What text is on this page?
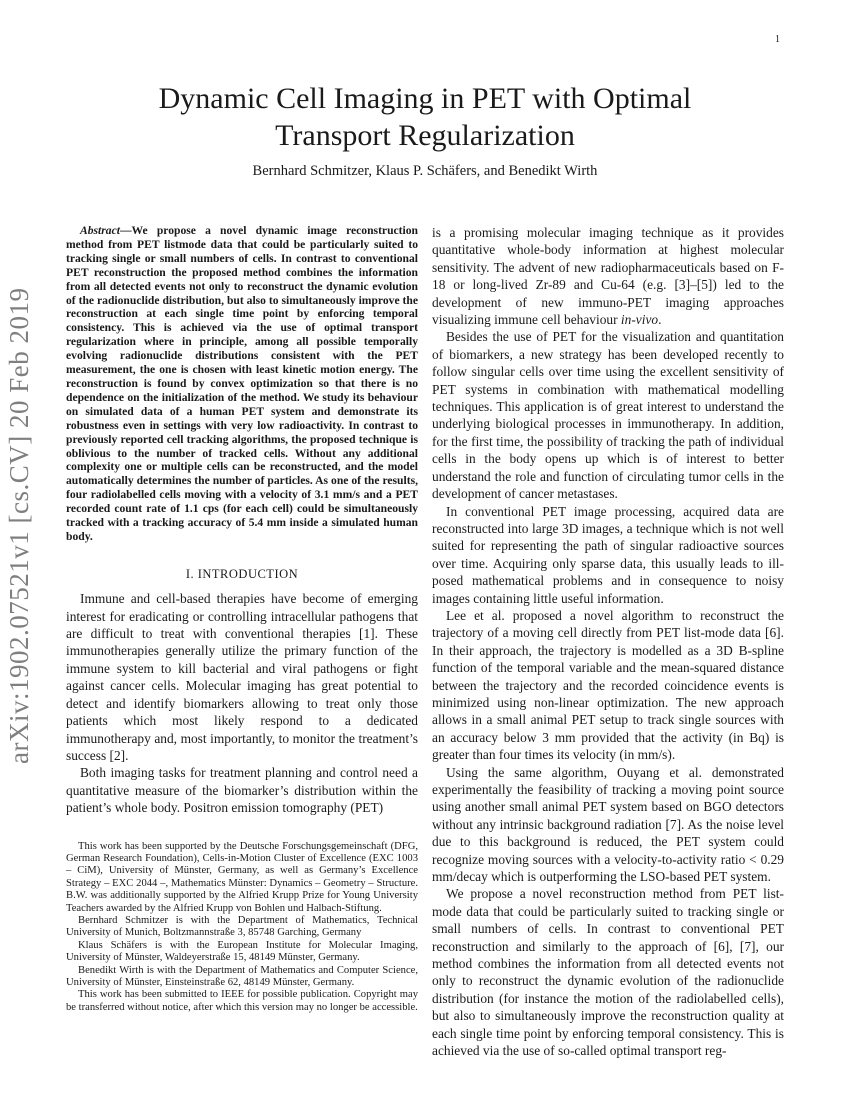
1
arXiv:1902.07521v1 [cs.CV] 20 Feb 2019
Dynamic Cell Imaging in PET with Optimal
Transport Regularization
Bernhard Schmitzer, Klaus P. Schäfers, and Benedikt Wirth

Abstract—We propose a novel dynamic image reconstruction method from PET listmode data that could be particularly suited to tracking single or small numbers of cells. In contrast to conventional PET reconstruction the proposed method combines the information from all detected events not only to reconstruct the dynamic evolution of the radionuclide distribution, but also to simultaneously improve the reconstruction at each single time point by enforcing temporal consistency. This is achieved via the use of optimal transport regularization where in principle, among all possible temporally evolving radionuclide distributions consistent with the PET measurement, the one is chosen with least kinetic motion energy. The reconstruction is found by convex optimization so that there is no dependence on the initialization of the method. We study its behaviour on simulated data of a human PET system and demonstrate its robustness even in settings with very low radioactivity. In contrast to previously reported cell tracking algorithms, the proposed technique is oblivious to the number of tracked cells. Without any additional complexity one or multiple cells can be reconstructed, and the model automatically determines the number of particles. As one of the results, four radiolabelled cells moving with a velocity of 3.1 mm/s and a PET recorded count rate of 1.1 cps (for each cell) could be simultaneously tracked with a tracking accuracy of 5.4 mm inside a simulated human body.

I. INTRODUCTION

Immune and cell-based therapies have become of emerging interest for eradicating or controlling intracellular pathogens that are difficult to treat with conventional therapies [1]. These immunotherapies generally utilize the primary function of the immune system to kill bacterial and viral pathogens or fight against cancer cells. Molecular imaging has great potential to detect and identify biomarkers allowing to treat only those patients which most likely respond to a dedicated immunotherapy and, most importantly, to monitor the treatment’s success [2].

Both imaging tasks for treatment planning and control need a quantitative measure of the biomarker’s distribution within the patient’s whole body. Positron emission tomography (PET)

This work has been supported by the Deutsche Forschungsgemeinschaft (DFG, German Research Foundation), Cells-in-Motion Cluster of Excellence (EXC 1003 – CiM), University of Münster, Germany, as well as Germany’s Excellence Strategy – EXC 2044 –, Mathematics Münster: Dynamics – Geometry – Structure. B.W. was additionally supported by the Alfried Krupp Prize for Young University Teachers awarded by the Alfried Krupp von Bohlen und Halbach-Stiftung.

Bernhard Schmitzer is with the Department of Mathematics, Technical University of Munich, Boltzmannstraße 3, 85748 Garching, Germany

Klaus Schäfers is with the European Institute for Molecular Imaging, University of Münster, Waldeyerstraße 15, 48149 Münster, Germany.

Benedikt Wirth is with the Department of Mathematics and Computer Science, University of Münster, Einsteinstraße 62, 48149 Münster, Germany.

This work has been submitted to IEEE for possible publication. Copyright may be transferred without notice, after which this version may no longer be accessible.

is a promising molecular imaging technique as it provides quantitative whole-body information at highest molecular sensitivity. The advent of new radiopharmaceuticals based on F-18 or long-lived Zr-89 and Cu-64 (e.g. [3]–[5]) led to the development of new immuno-PET imaging approaches visualizing immune cell behaviour in-vivo.

Besides the use of PET for the visualization and quantitation of biomarkers, a new strategy has been developed recently to follow singular cells over time using the excellent sensitivity of PET systems in combination with mathematical modelling techniques. This application is of great interest to understand the underlying biological processes in immunotherapy. In addition, for the first time, the possibility of tracking the path of individual cells in the body opens up which is of interest to better understand the role and function of circulating tumor cells in the development of cancer metastases.

In conventional PET image processing, acquired data are reconstructed into large 3D images, a technique which is not well suited for representing the path of singular radioactive sources over time. Acquiring only sparse data, this usually leads to ill-posed mathematical problems and in consequence to noisy images containing little useful information.

Lee et al. proposed a novel algorithm to reconstruct the trajectory of a moving cell directly from PET list-mode data [6]. In their approach, the trajectory is modelled as a 3D B-spline function of the temporal variable and the mean-squared distance between the trajectory and the recorded coincidence events is minimized using non-linear optimization. The new approach allows in a small animal PET setup to track single sources with an accuracy below 3 mm provided that the activity (in Bq) is greater than four times its velocity (in mm/s).

Using the same algorithm, Ouyang et al. demonstrated experimentally the feasibility of tracking a moving point source using another small animal PET system based on BGO detectors without any intrinsic background radiation [7]. As the noise level due to this background is reduced, the PET system could recognize moving sources with a velocity-to-activity ratio < 0.29 mm/decay which is outperforming the LSO-based PET system.

We propose a novel reconstruction method from PET list-mode data that could be particularly suited to tracking single or small numbers of cells. In contrast to conventional PET reconstruction and similarly to the approach of [6], [7], our method combines the information from all detected events not only to reconstruct the dynamic evolution of the radionuclide distribution (for instance the motion of the radiolabelled cells), but also to simultaneously improve the reconstruction quality at each single time point by enforcing temporal consistency. This is achieved via the use of so-called optimal transport reg-
